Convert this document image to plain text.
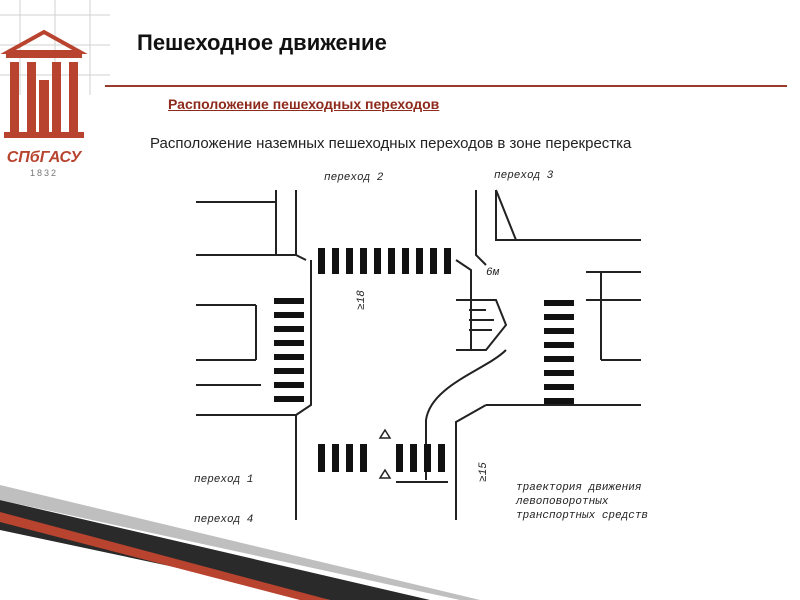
СПбГАСУ
1832
Пешеходное движение
Расположение пешеходных переходов
Расположение наземных пешеходных переходов в зоне перекрестка
переход 2	переход 3
переход 1
переход 4
6м
≥18
≥15
траектория движения
левоповоротных
транспортных средств
